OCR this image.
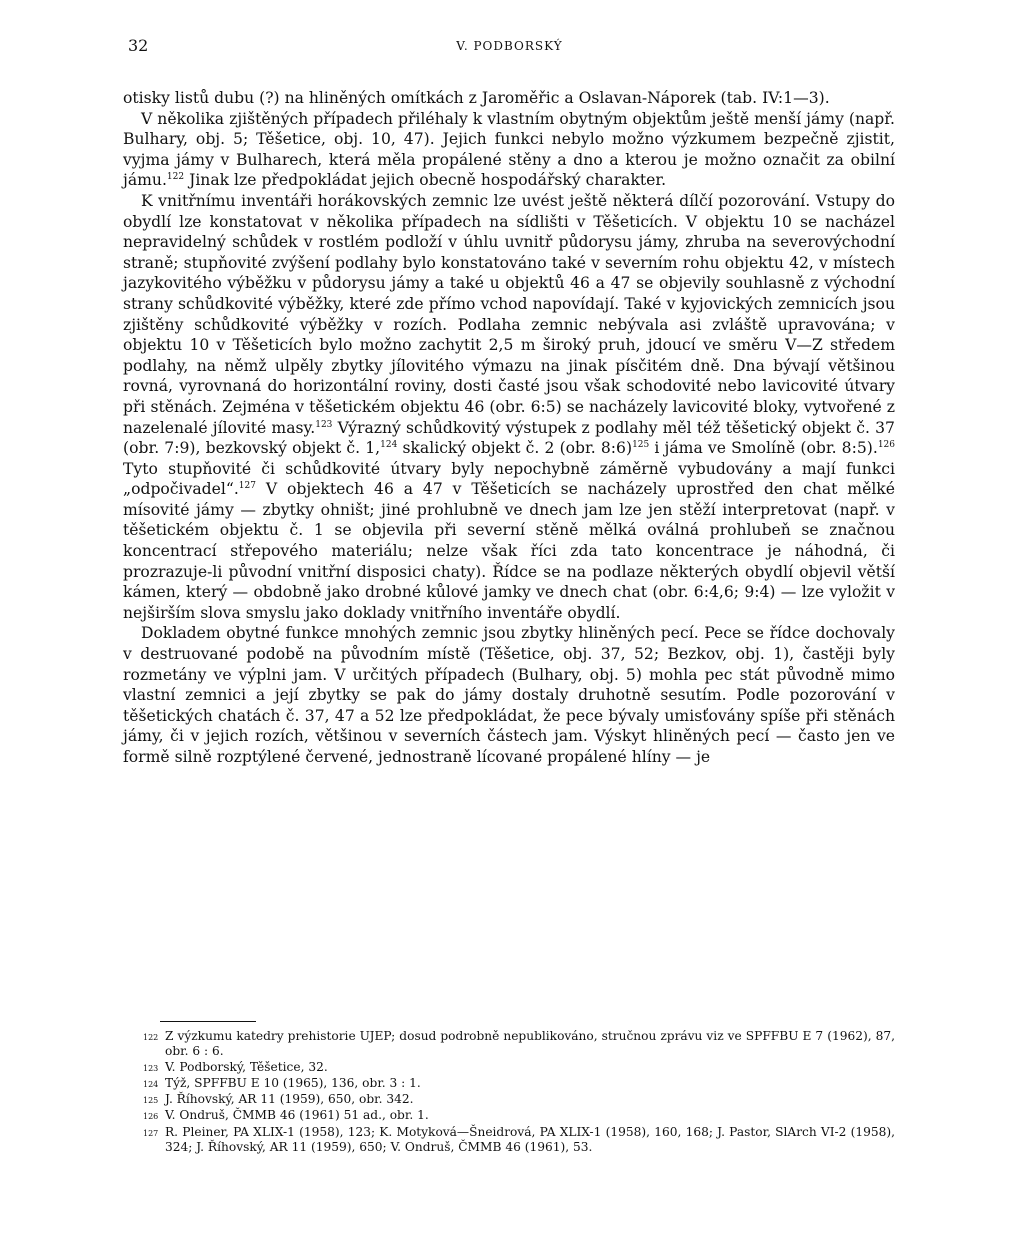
32	V. PODBORSKÝ

otisky listů dubu (?) na hliněných omítkách z Jaroměřic a Oslavan-Náporek (tab. IV:1—3).

V několika zjištěných případech přiléhaly k vlastním obytným objektům ještě menší jámy (např. Bulhary, obj. 5; Těšetice, obj. 10, 47). Jejich funkci nebylo možno výzkumem bezpečně zjistit, vyjma jámy v Bulharech, která měla propálené stěny a dno a kterou je možno označit za obilní jámu.$^{122}$ Jinak lze předpokládat jejich obecně hospodářský charakter.

K vnitřnímu inventáři horákovských zemnic lze uvést ještě některá dílčí pozorování. Vstupy do obydlí lze konstatovat v několika případech na sídlišti v Těšeticích. V objektu 10 se nacházel nepravidelný schůdek v rostlém podloží v úhlu uvnitř půdorysu jámy, zhruba na severovýchodní straně; stupňovité zvýšení podlahy bylo konstatováno také v severním rohu objektu 42, v místech jazykovitého výběžku v půdorysu jámy a také u objektů 46 a 47 se objevily souhlasně z východní strany schůdkovité výběžky, které zde přímo vchod napovídají. Také v kyjovických zemnicích jsou zjištěny schůdkovité výběžky v rozích. Podlaha zemnic nebývala asi zvláště upravována; v objektu 10 v Těšeticích bylo možno zachytit 2,5 m široký pruh, jdoucí ve směru V—Z středem podlahy, na němž ulpěly zbytky jílovitého výmazu na jinak písčitém dně. Dna bývají většinou rovná, vyrovnaná do horizontální roviny, dosti časté jsou však schodovité nebo lavicovité útvary při stěnách. Zejména v těšetickém objektu 46 (obr. 6:5) se nacházely lavicovité bloky, vytvořené z nazelenalé jílovité masy.$^{123}$ Výrazný schůdkovitý výstupek z podlahy měl též těšetický objekt č. 37 (obr. 7:9), bezkovský objekt č. 1,$^{124}$ skalický objekt č. 2 (obr. 8:6)$^{125}$ i jáma ve Smolíně (obr. 8:5).$^{126}$ Tyto stupňovité či schůdkovité útvary byly nepochybně záměrně vybudovány a mají funkci „odpočivadel“.$^{127}$ V objektech 46 a 47 v Těšeticích se nacházely uprostřed den chat mělké mísovité jámy — zbytky ohništ; jiné prohlubně ve dnech jam lze jen stěží interpretovat (např. v těšetickém objektu č. 1 se objevila při severní stěně mělká oválná prohlubeň se značnou koncentrací střepového materiálu; nelze však říci zda tato koncentrace je náhodná, či prozrazuje-li původní vnitřní disposici chaty). Řídce se na podlaze některých obydlí objevil větší kámen, který — obdobně jako drobné kůlové jamky ve dnech chat (obr. 6:4,6; 9:4) — lze vyložit v nejširším slova smyslu jako doklady vnitřního inventáře obydlí.

Dokladem obytné funkce mnohých zemnic jsou zbytky hliněných pecí. Pece se řídce dochovaly v destruované podobě na původním místě (Těšetice, obj. 37, 52; Bezkov, obj. 1), častěji byly rozmetány ve výplni jam. V určitých případech (Bulhary, obj. 5) mohla pec stát původně mimo vlastní zemnici a její zbytky se pak do jámy dostaly druhotně sesutím. Podle pozorování v těšetických chatách č. 37, 47 a 52 lze předpokládat, že pece bývaly umisťovány spíše při stěnách jámy, či v jejich rozích, většinou v severních částech jam. Výskyt hliněných pecí — často jen ve formě silně rozptýlené červené, jednostraně lícované propálené hlíny — je

122 Z výzkumu katedry prehistorie UJEP; dosud podrobně nepublikováno, stručnou zprávu viz ve SPFFBU E 7 (1962), 87, obr. 6 : 6.
123 V. Podborský, Těšetice, 32.
124 Týž, SPFFBU E 10 (1965), 136, obr. 3 : 1.
125 J. Říhovský, AR 11 (1959), 650, obr. 342.
126 V. Ondruš, ČMMB 46 (1961) 51 ad., obr. 1.
127 R. Pleiner, PA XLIX-1 (1958), 123; K. Motyková—Šneidrová, PA XLIX-1 (1958), 160, 168; J. Pastor, SlArch VI-2 (1958), 324; J. Říhovský, AR 11 (1959), 650; V. Ondruš, ČMMB 46 (1961), 53.
